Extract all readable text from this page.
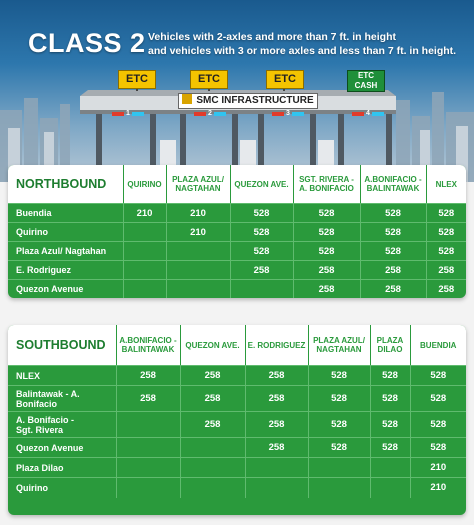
CLASS 2 Vehicles with 2-axles and more than 7 ft. in height
and vehicles with 3 or more axles and less than 7 ft. in height.
ETC	ETC	ETC	ETC
CASH
SMC INFRASTRUCTURE
1	2	3	4
NORTHBOUND	QUIRINO	PLAZA AZUL/
NAGTAHAN	QUEZON AVE.	SGT. RIVERA -
A. BONIFACIO	A.BONIFACIO -
BALINTAWAK	NLEX
Buendia	210	210	528	528	528	528
Quirino		210	528	528	528	528
Plaza Azul/ Nagtahan			528	528	528	528
E. Rodriguez			258	258	258	258
Quezon Avenue				258	258	258
SOUTHBOUND	A.BONIFACIO -
BALINTAWAK	QUEZON AVE.	E. RODRIGUEZ	PLAZA AZUL/
NAGTAHAN	PLAZA
DILAO	BUENDIA
NLEX	258	258	258	528	528	528
Balintawak - A.
Bonifacio	258	258	258	528	528	528
A. Bonifacio -
Sgt. Rivera		258	258	528	528	528
Quezon Avenue			258	528	528	528
Plaza Dilao						210
Quirino						210
